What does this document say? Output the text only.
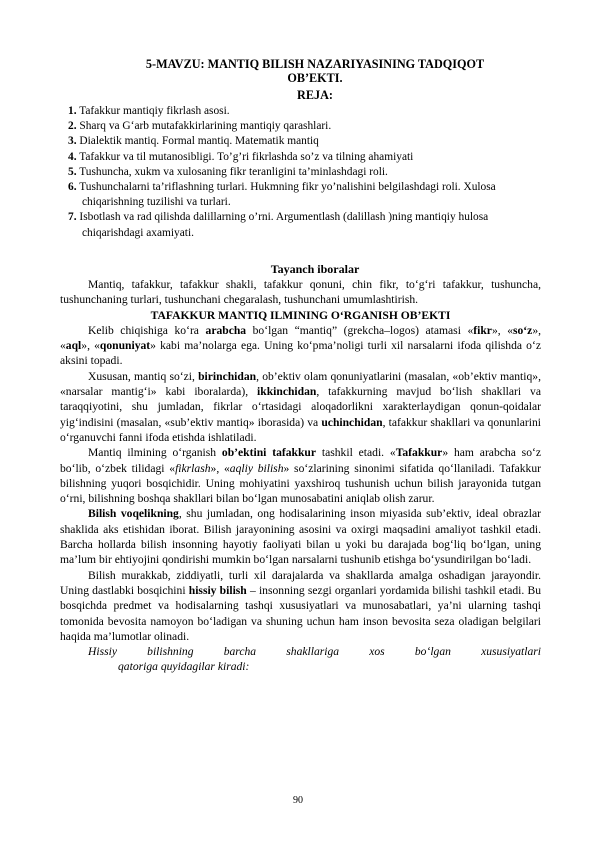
5-MAVZU: MANTIQ BILISH NAZARIYASINING TADQIQOT
OB’EKTI.
REJA:
1. Tafakkur mantiqiy fikrlash asosi.
2. Sharq va G‘arb mutafakkirlarining mantiqiy qarashlari.
3. Dialektik mantiq. Formal mantiq. Matematik mantiq
4. Tafakkur va til mutanosibligi. To’g’ri fikrlashda so’z va tilning ahamiyati
5. Tushuncha, xukm va xulosaning fikr teranligini ta’minlashdagi roli.
6. Tushunchalarni ta’riflashning turlari. Hukmning fikr yo’nalishini belgilashdagi roli. Xulosa chiqarishning tuzilishi va turlari.
7. Isbotlash va rad qilishda dalillarning o’rni. Argumentlash (dalillash )ning mantiqiy hulosa chiqarishdagi axamiyati.
Tayanch iboralar

Mantiq, tafakkur, tafakkur shakli, tafakkur qonuni, chin fikr, to‘g‘ri tafakkur, tushuncha, tushunchaning turlari, tushunchani chegaralash, tushunchani umumlashtirish.

TAFAKKUR MANTIQ ILMINING O‘RGANISH OB’EKTI

Kelib chiqishiga ko‘ra arabcha bo‘lgan “mantiq” (grekcha–logos) atamasi «fikr», «so‘z», «aql», «qonuniyat» kabi ma’nolarga ega. Uning ko‘pma’noligi turli xil narsalarni ifoda qilishda o‘z aksini topadi.

Xususan, mantiq so‘zi, birinchidan, ob’ektiv olam qonuniyatlarini (masalan, «ob’ektiv mantiq», «narsalar mantig‘i» kabi iboralarda), ikkinchidan, tafakkurning mavjud bo‘lish shakllari va taraqqiyotini, shu jumladan, fikrlar o‘rtasidagi aloqadorlikni xarakterlaydigan qonun-qoidalar yig‘indisini (masalan, «sub’ektiv mantiq» iborasida) va uchinchidan, tafakkur shakllari va qonunlarini o‘rganuvchi fanni ifoda etishda ishlatiladi.

Mantiq ilmining o‘rganish ob’ektini tafakkur tashkil etadi. «Tafakkur» ham arabcha so‘z bo‘lib, o‘zbek tilidagi «fikrlash», «aqliy bilish» so‘zlarining sinonimi sifatida qo‘llaniladi. Tafakkur bilishning yuqori bosqichidir. Uning mohiyatini yaxshiroq tushunish uchun bilish jarayonida tutgan o‘rni, bilishning boshqa shakllari bilan bo‘lgan munosabatini aniqlab olish zarur.

Bilish voqelikning, shu jumladan, ong hodisalarining inson miyasida sub’ektiv, ideal obrazlar shaklida aks etishidan iborat. Bilish jarayonining asosini va oxirgi maqsadini amaliyot tashkil etadi. Barcha hollarda bilish insonning hayotiy faoliyati bilan u yoki bu darajada bog‘liq bo‘lgan, uning ma’lum bir ehtiyojini qondirishi mumkin bo‘lgan narsalarni tushunib etishga bo‘ysundirilgan bo‘ladi.

Bilish murakkab, ziddiyatli, turli xil darajalarda va shakllarda amalga oshadigan jarayondir. Uning dastlabki bosqichini hissiy bilish – insonning sezgi organlari yordamida bilishi tashkil etadi. Bu bosqichda predmet va hodisalarning tashqi xususiyatlari va munosabatlari, ya’ni ularning tashqi tomonida bevosita namoyon bo‘ladigan va shuning uchun ham inson bevosita seza oladigan belgilari haqida ma’lumotlar olinadi.

Hissiy bilishning barcha shakllariga xos bo‘lgan xususiyatlari

qatoriga quyidagilar kiradi:

90
